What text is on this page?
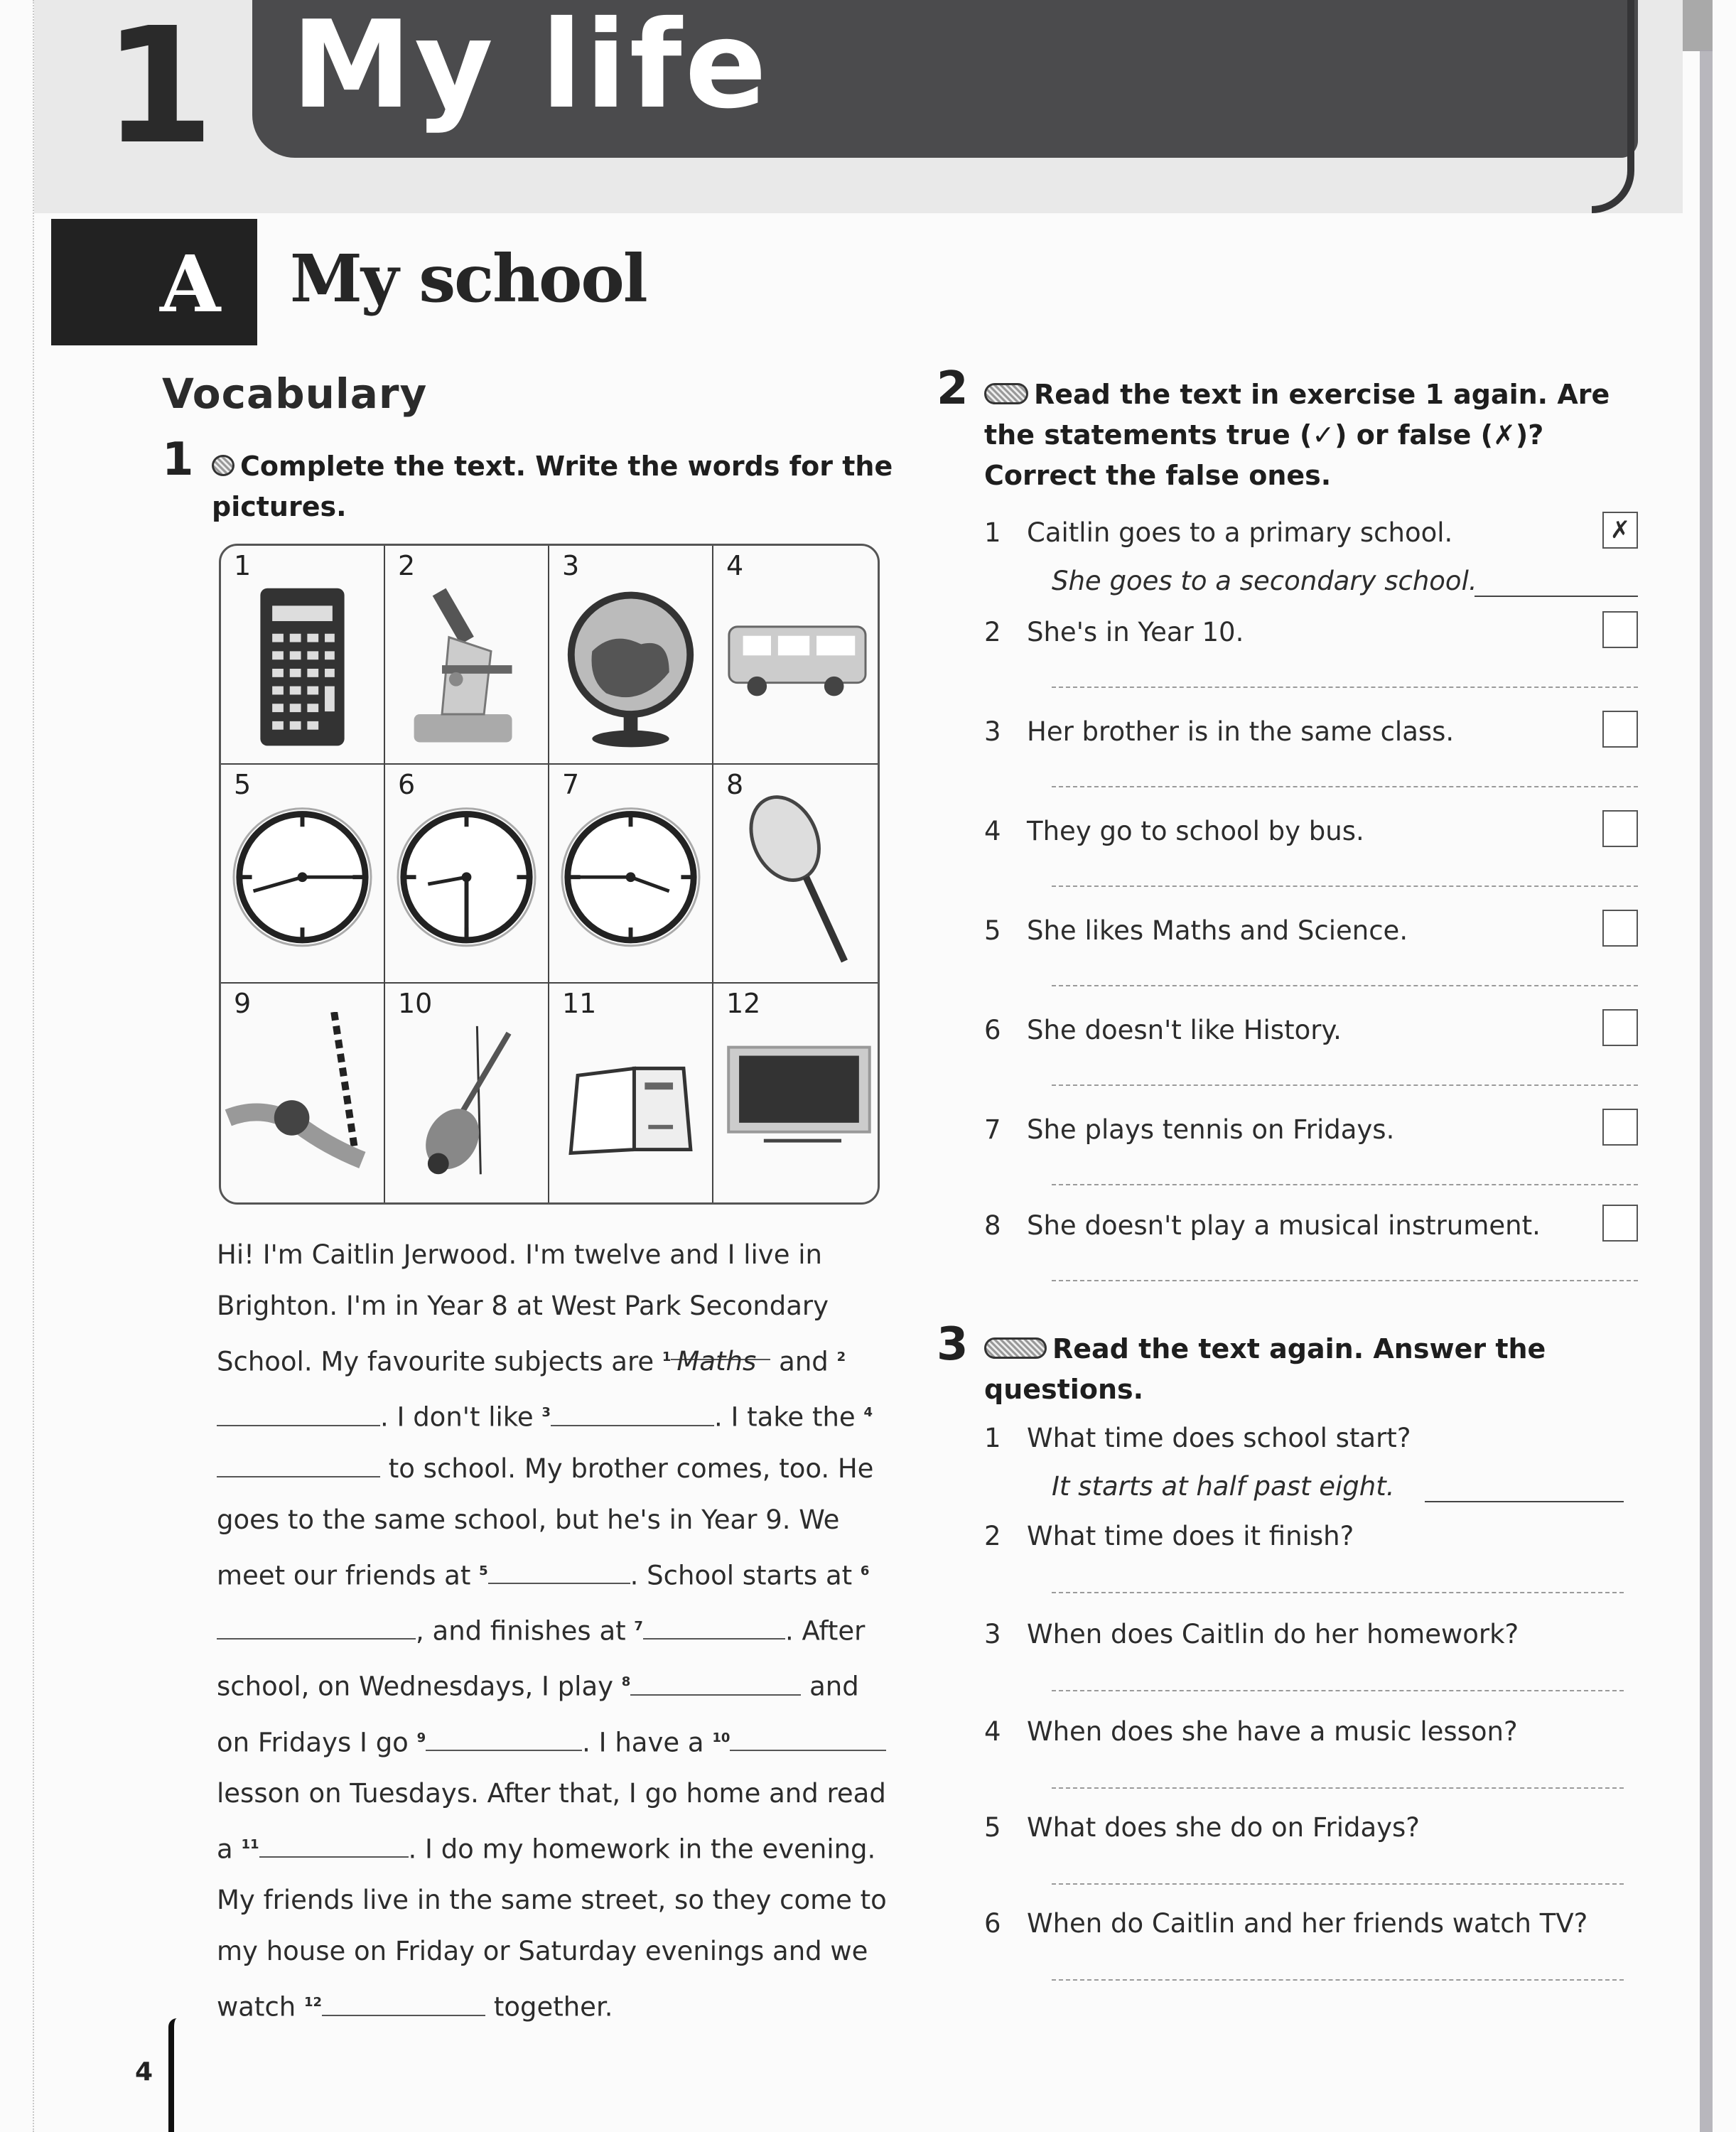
1 My life
A My school
Vocabulary
1	Complete the text. Write the words for the pictures.
1	2	3	4
5	6	7	8
9	10	11	12
Hi! I'm Caitlin Jerwood. I'm twelve and I live in Brighton. I'm in Year 8 at West Park Secondary School. My favourite subjects are $^1$ Maths and $^2$. I don't like $^3$	. I take the $^4$ to school. My brother comes, too. He goes to the same school, but he's in Year 9. We meet our friends at $^5$	. School starts at $^6$, and finishes at $^7$	. After school, on Wednesdays, I play $^8$	and on Fridays I go $^9$	. I have a $^{10}$ lesson on Tuesdays. After that, I go home and read a $^{11}$	. I do my homework in the evening. My friends live in the same street, so they come to my house on Friday or Saturday evenings and we watch $^{12}$	together.
2	Read the text in exercise 1 again. Are the statements true (✓) or false (✗)? Correct the false ones.
1 Caitlin goes to a primary school.	✗
She goes to a secondary school.
2 She's in Year 10.
3 Her brother is in the same class.
4 They go to school by bus.
5 She likes Maths and Science.
6 She doesn't like History.
7 She plays tennis on Fridays.
8 She doesn't play a musical instrument.
3	Read the text again. Answer the questions.
1 What time does school start?
It starts at half past eight.
2 What time does it finish?
3 When does Caitlin do her homework?
4 When does she have a music lesson?
5 What does she do on Fridays?
6 When do Caitlin and her friends watch TV?
4
